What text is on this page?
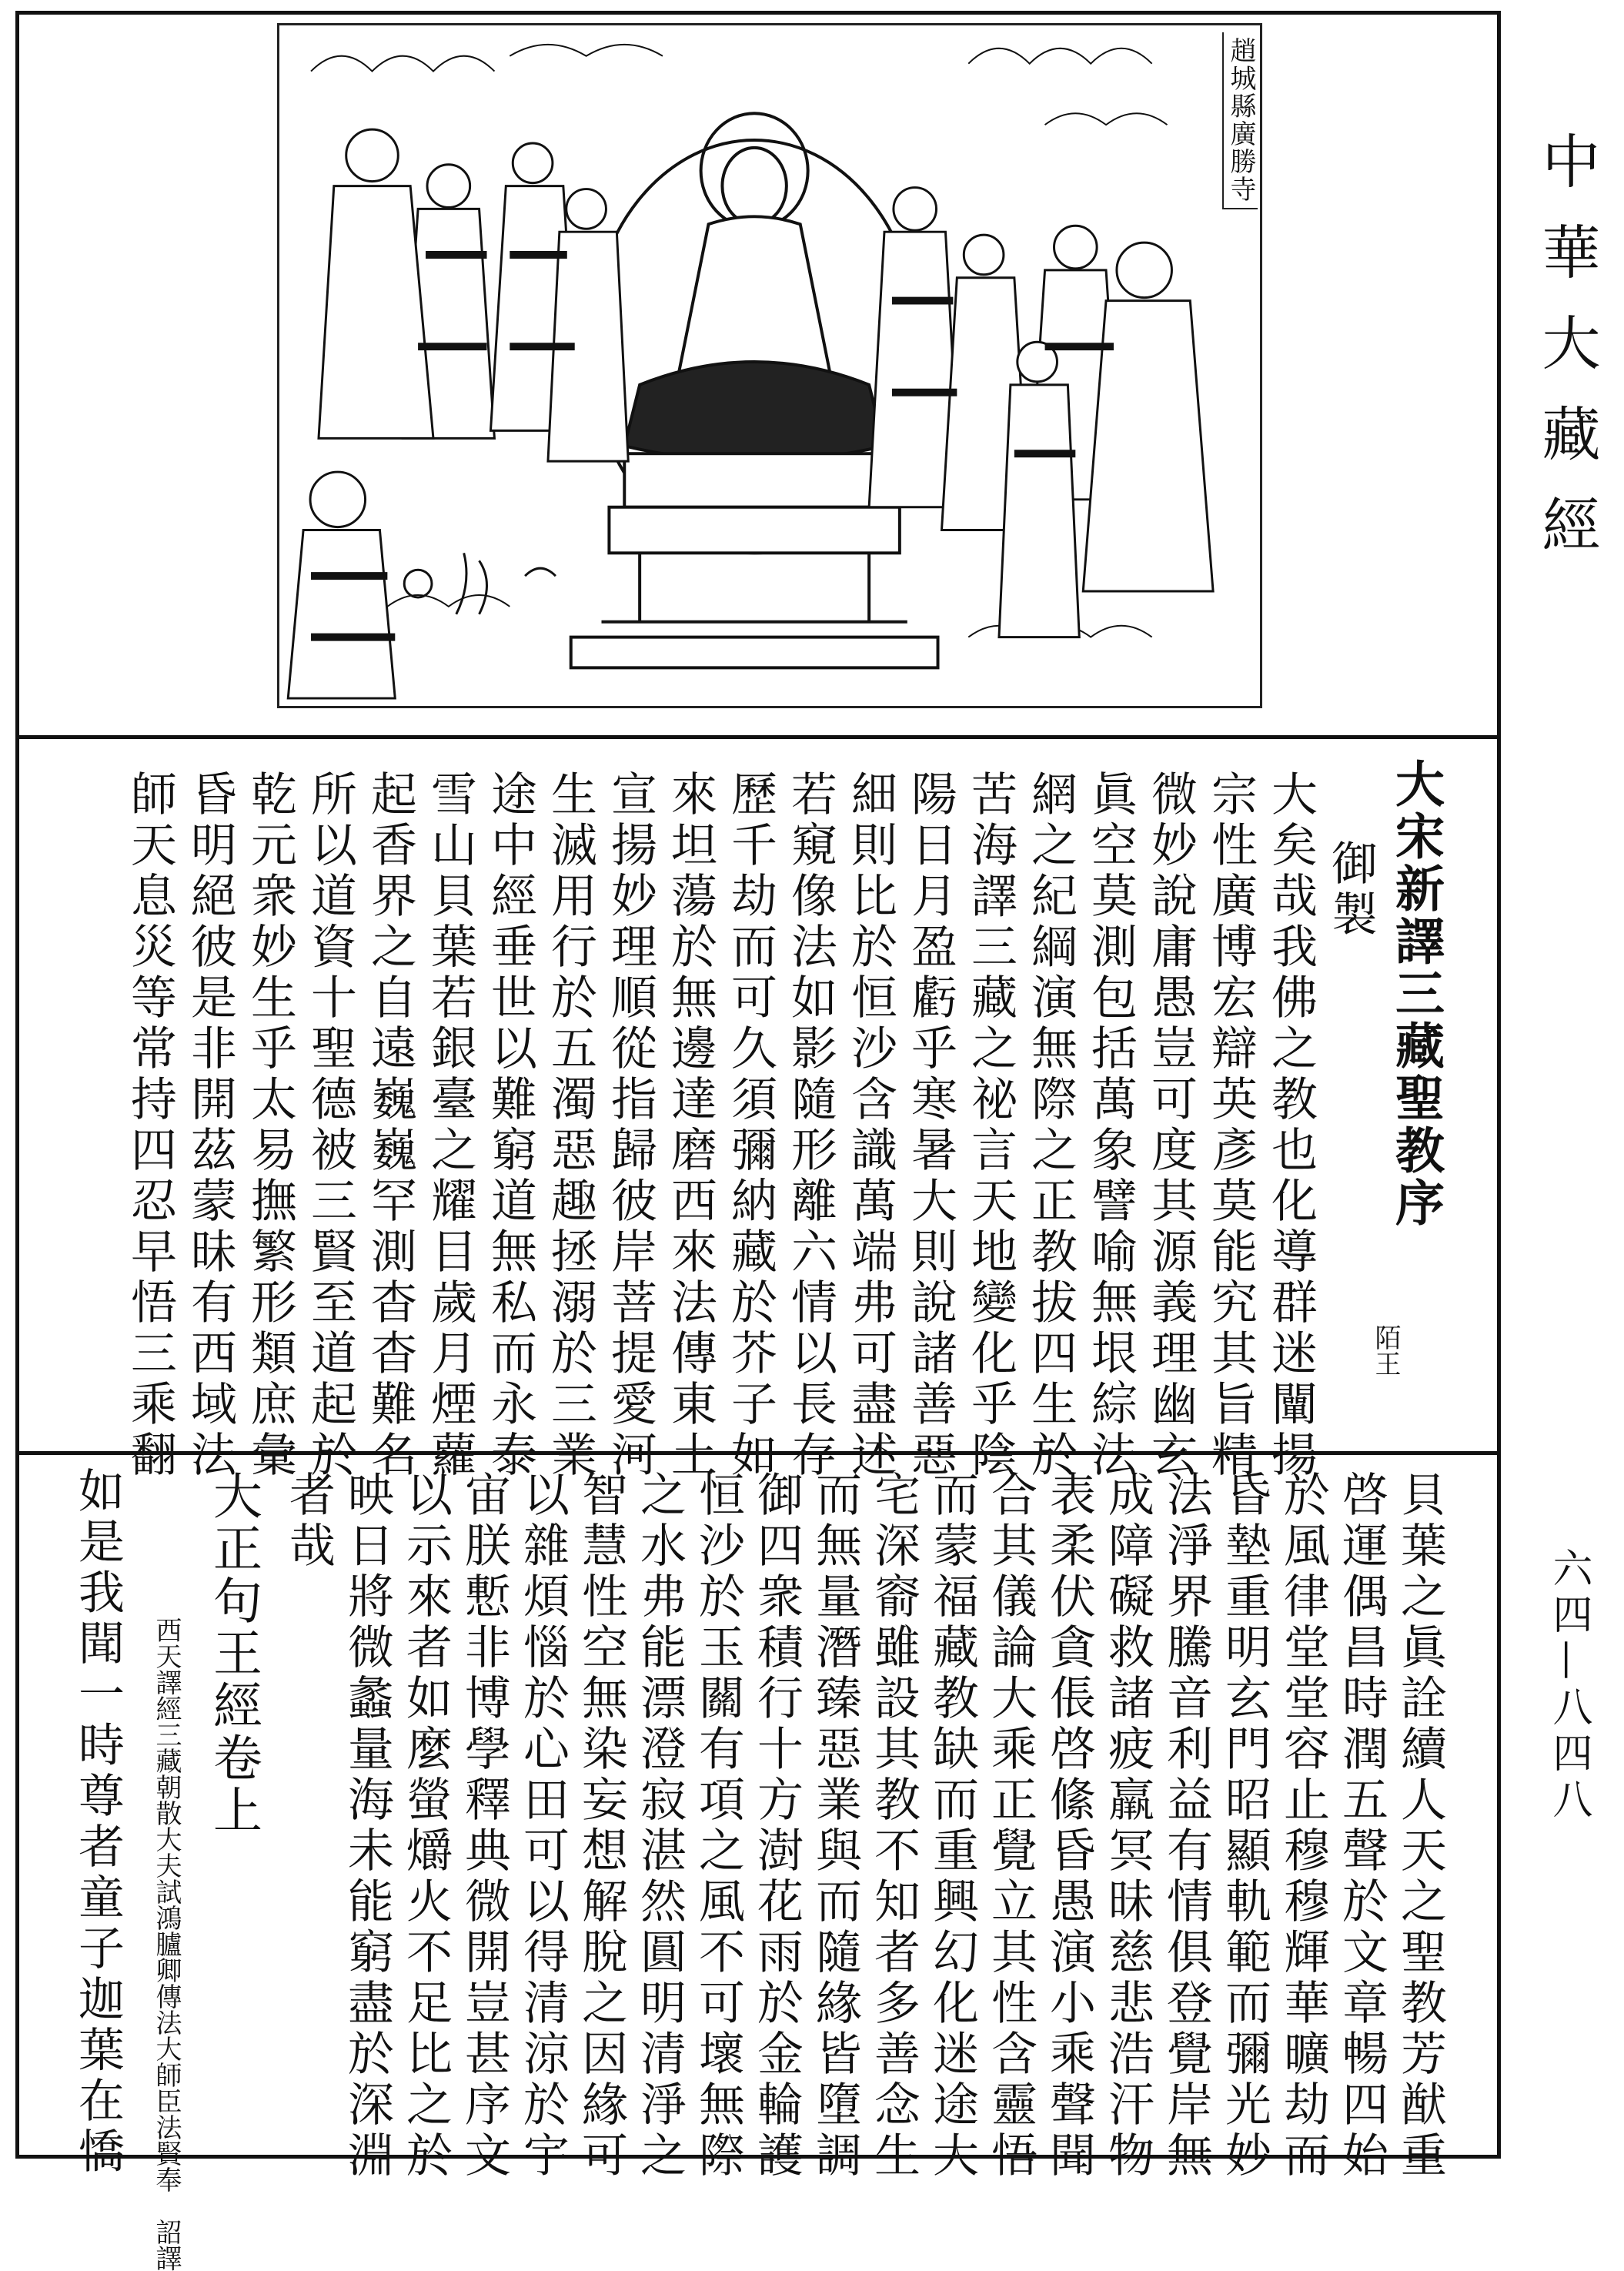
中華大藏經
六四—八四八
趙城縣廣勝寺
大宋新譯三藏聖教序
御製
陌王
大矣哉我佛之教也化導群迷闡揚
宗性廣博宏辯英彥莫能究其旨精
微妙說庸愚豈可度其源義理幽玄
眞空莫測包括萬象譬喻無垠綜法
網之紀綱演無際之正教拔四生於
苦海譯三藏之祕言天地變化乎陰
陽日月盈虧乎寒暑大則說諸善惡
細則比於恒沙含識萬端弗可盡述
若窺像法如影隨形離六情以長存
歷千劫而可久須彌納藏於芥子如
來坦蕩於無邊達磨西來法傳東土
宣揚妙理順從指歸彼岸菩提愛河
生滅用行於五濁惡趣拯溺於三業
途中經垂世以難窮道無私而永泰
雪山貝葉若銀臺之耀目歲月煙蘿
起香界之自遠巍巍罕測杳杳難名
所以道資十聖德被三賢至道起於
乾元衆妙生乎太易撫繁形類庶彙
昏明絕彼是非開茲蒙昧有西域法
師天息災等常持四忍早悟三乘翻
貝葉之眞詮續人天之聖教芳猷重
啓運偶昌時潤五聲於文章暢四始
於風律堂堂容止穆穆輝華曠劫而
昏墊重明玄門昭顯軌範而彌光妙
法淨界騰音利益有情俱登覺岸無
成障礙救諸疲羸冥昧慈悲浩汗物
表柔伏貪倀啓絛昏愚演小乘聲聞
合其儀論大乘正覺立其性含靈悟
而蒙福藏教缺而重興幻化迷途大
宅深窬雖設其教不知者多善念生
而無量潛臻惡業與而隨緣皆墮調
御四衆積行十方澍花雨於金輪護
恒沙於玉關有項之風不可壞無際
之水弗能漂澄寂湛然圓明清淨之
智慧性空無染妄想解脫之因緣可
以雜煩惱於心田可以得清涼於宇
宙朕慙非博學釋典微開豈甚序文
以示來者如麼螢爝火不足比之於
映日將微蠡量海未能窮盡於深淵
者哉
大正句王經卷上
西天譯經三藏朝散大夫試鴻臚卿傳法大師臣法賢奉　詔譯
如是我聞一時尊者童子迦葉在憍
